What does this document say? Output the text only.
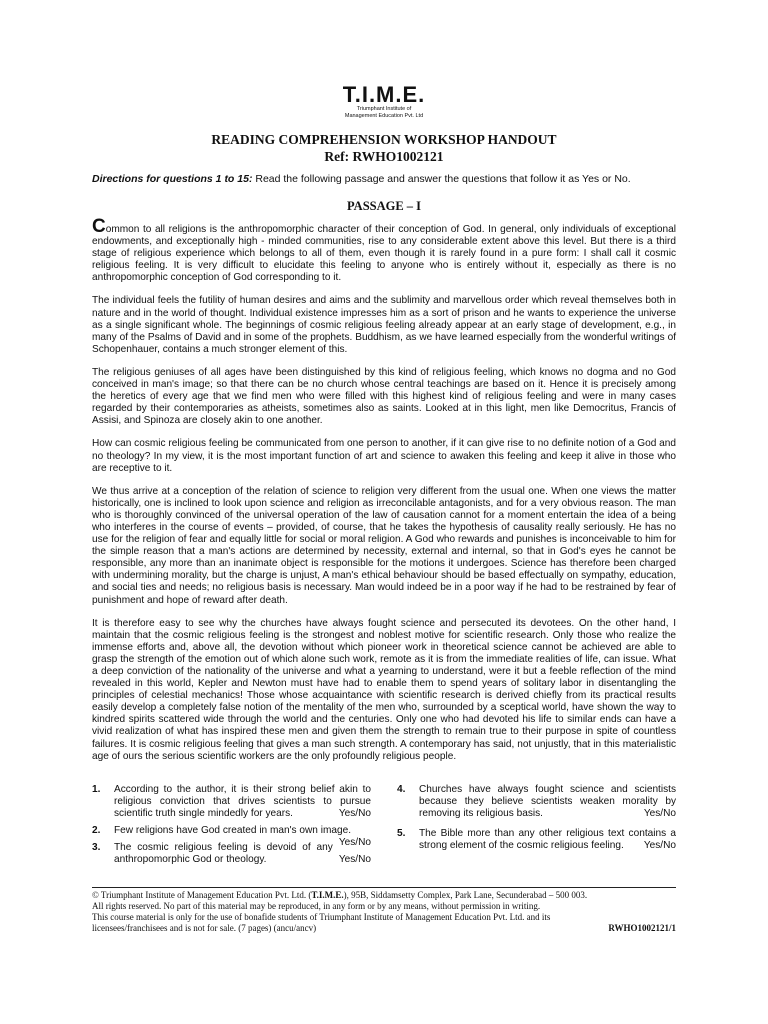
T.I.M.E.
Triumphant Institute of
Management Education Pvt. Ltd
READING COMPREHENSION WORKSHOP HANDOUT
Ref: RWHO1002121
Directions for questions 1 to 15: Read the following passage and answer the questions that follow it as Yes or No.
PASSAGE – I

Common to all religions is the anthropomorphic character of their conception of God. In general, only individuals of exceptional endowments, and exceptionally high - minded communities, rise to any considerable extent above this level. But there is a third stage of religious experience which belongs to all of them, even though it is rarely found in a pure form: I shall call it cosmic religious feeling. It is very difficult to elucidate this feeling to anyone who is entirely without it, especially as there is no anthropomorphic conception of God corresponding to it.

The individual feels the futility of human desires and aims and the sublimity and marvellous order which reveal themselves both in nature and in the world of thought. Individual existence impresses him as a sort of prison and he wants to experience the universe as a single significant whole. The beginnings of cosmic religious feeling already appear at an early stage of development, e.g., in many of the Psalms of David and in some of the prophets. Buddhism, as we have learned especially from the wonderful writings of Schopenhauer, contains a much stronger element of this.

The religious geniuses of all ages have been distinguished by this kind of religious feeling, which knows no dogma and no God conceived in man's image; so that there can be no church whose central teachings are based on it. Hence it is precisely among the heretics of every age that we find men who were filled with this highest kind of religious feeling and were in many cases regarded by their contemporaries as atheists, sometimes also as saints. Looked at in this light, men like Democritus, Francis of Assisi, and Spinoza are closely akin to one another.

How can cosmic religious feeling be communicated from one person to another, if it can give rise to no definite notion of a God and no theology? In my view, it is the most important function of art and science to awaken this feeling and keep it alive in those who are receptive to it.

We thus arrive at a conception of the relation of science to religion very different from the usual one. When one views the matter historically, one is inclined to look upon science and religion as irreconcilable antagonists, and for a very obvious reason. The man who is thoroughly convinced of the universal operation of the law of causation cannot for a moment entertain the idea of a being who interferes in the course of events – provided, of course, that he takes the hypothesis of causality really seriously. He has no use for the religion of fear and equally little for social or moral religion. A God who rewards and punishes is inconceivable to him for the simple reason that a man's actions are determined by necessity, external and internal, so that in God's eyes he cannot be responsible, any more than an inanimate object is responsible for the motions it undergoes. Science has therefore been charged with undermining morality, but the charge is unjust, A man's ethical behaviour should be based effectually on sympathy, education, and social ties and needs; no religious basis is necessary. Man would indeed be in a poor way if he had to be restrained by fear of punishment and hope of reward after death.

It is therefore easy to see why the churches have always fought science and persecuted its devotees. On the other hand, I maintain that the cosmic religious feeling is the strongest and noblest motive for scientific research. Only those who realize the immense efforts and, above all, the devotion without which pioneer work in theoretical science cannot be achieved are able to grasp the strength of the emotion out of which alone such work, remote as it is from the immediate realities of life, can issue. What a deep conviction of the nationality of the universe and what a yearning to understand, were it but a feeble reflection of the mind revealed in this world, Kepler and Newton must have had to enable them to spend years of solitary labor in disentangling the principles of celestial mechanics! Those whose acquaintance with scientific research is derived chiefly from its practical results easily develop a completely false notion of the mentality of the men who, surrounded by a sceptical world, have shown the way to kindred spirits scattered wide through the world and the centuries. Only one who had devoted his life to similar ends can have a vivid realization of what has inspired these men and given them the strength to remain true to their purpose in spite of countless failures. It is cosmic religious feeling that gives a man such strength. A contemporary has said, not unjustly, that in this materialistic age of ours the serious scientific workers are the only profoundly religious people.

1. According to the author, it is their strong belief akin to religious conviction that drives scientists to pursue scientific truth single mindedly for years.	Yes/No
2. Few religions have God created in man's own image.
Yes/No
3. The cosmic religious feeling is devoid of any anthropomorphic God or theology.	Yes/No
4. Churches have always fought science and scientists because they believe scientists weaken morality by removing its religious basis.	Yes/No
5. The Bible more than any other religious text contains a strong element of the cosmic religious feeling. Yes/No
© Triumphant Institute of Management Education Pvt. Ltd. (T.I.M.E.), 95B, Siddamsetty Complex, Park Lane, Secunderabad – 500 003.
All rights reserved. No part of this material may be reproduced, in any form or by any means, without permission in writing.
This course material is only for the use of bonafide students of Triumphant Institute of Management Education Pvt. Ltd. and its
licensees/franchisees and is not for sale. (7 pages) (ancu/ancv)	RWHO1002121/1
